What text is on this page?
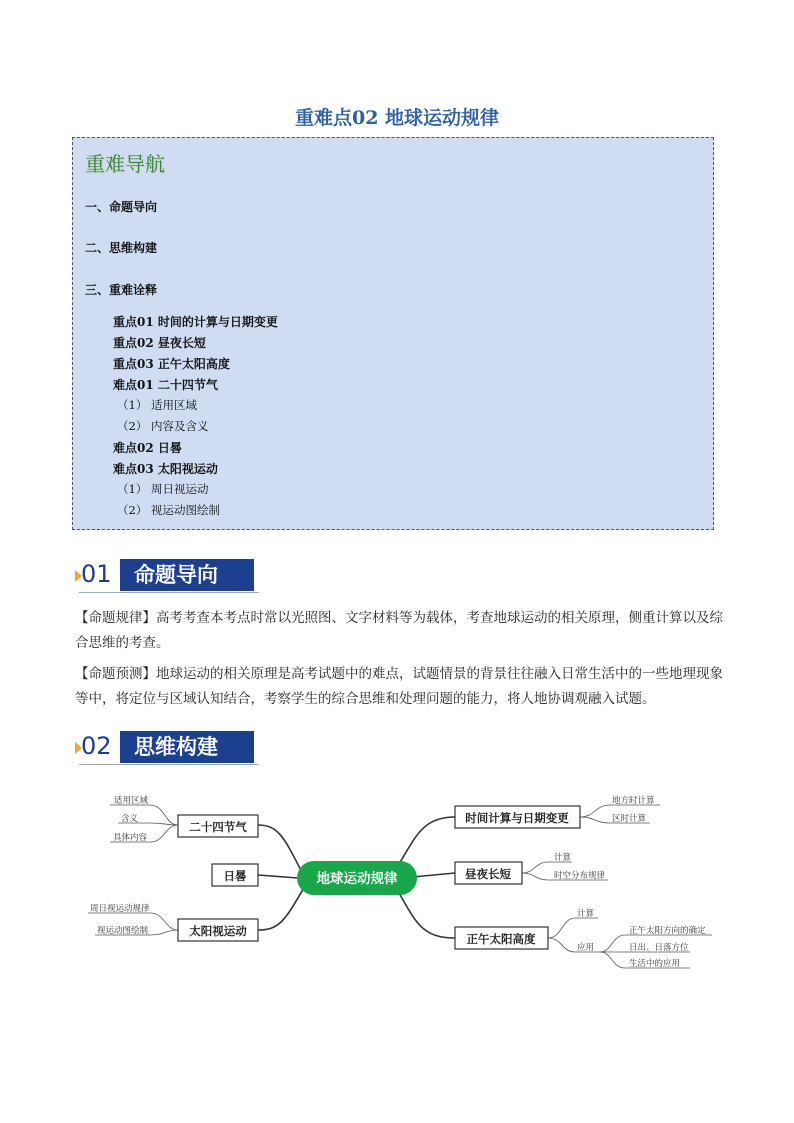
重难点02 地球运动规律
重难导航
一、命题导向
二、思维构建
三、重难诠释
重点01 时间的计算与日期变更
重点02 昼夜长短
重点03 正午太阳高度
难点01 二十四节气
（1） 适用区域
（2） 内容及含义
难点02 日晷
难点03 太阳视运动
（1） 周日视运动
（2） 视运动图绘制
01	命题导向
【命题规律】高考考查本考点时常以光照图、文字材料等为载体，考查地球运动的相关原理，侧重计算以及综合思维的考查。
【命题预测】地球运动的相关原理是高考试题中的难点，试题情景的背景往往融入日常生活中的一些地理现象等中，将定位与区域认知结合，考察学生的综合思维和处理问题的能力，将人地协调观融入试题。
02	思维构建
地球运动规律
二十四节气
日晷
太阳视运动
时间计算与日期变更
昼夜长短
正午太阳高度
适用区域
含义
具体内容
周日视运动规律
视运动图绘制
地方时计算
区时计算
计算
时空分布规律
计算
应用
正午太阳方向的确定
日出、日落方位
生活中的应用
